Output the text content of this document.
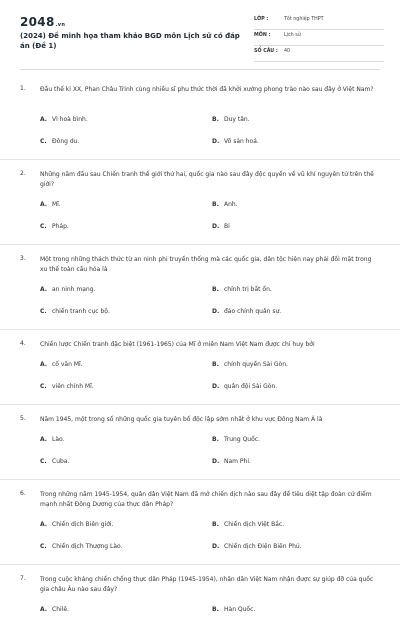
2048.vn
(2024) Đề minh họa tham khảo BGD môn Lịch sử có đáp án (Đề 1)
LỚP :	Tốt nghiệp THPT
MÔN :	Lịch sử
SỐ CÂU : 40
1. Đầu thế kỉ XX, Phan Châu Trinh cùng nhiều sĩ phu thức thời đã khởi xướng phong trào nào sau đây ở Việt Nam?
A. Vì hoà bình.	B. Duy tân.
C. Đông du.	D. Võ sản hoá.
2. Những năm đầu sau Chiến tranh thế giới thứ hai, quốc gia nào sau đây độc quyền về vũ khí nguyên tử trên thế giới?
A. Mĩ.	B. Anh.
C. Pháp.	D. Bỉ
3. Một trong những thách thức từ an ninh phi truyền thống mà các quốc gia, dân tộc hiện nay phải đối mặt trong xu thế toàn cầu hóa là
A. an ninh mạng.	B. chính trị bất ổn.
C. chiến tranh cục bộ.	D. đảo chính quân sự.
4. Chiến lược Chiến tranh đặc biệt (1961-1965) của Mĩ ở miền Nam Việt Nam được chỉ huy bởi
A. cố vấn Mĩ.	B. chính quyền Sài Gòn.
C. viên chính Mĩ.	D. quân đội Sài Gòn.
5. Năm 1945, một trong số những quốc gia tuyên bố độc lập sớm nhất ở khu vực Đông Nam Á là
A. Lào.	B. Trung Quốc.
C. Cuba.	D. Nam Phi.
6. Trong những năm 1945-1954, quân dân Việt Nam đã mở chiến dịch nào sau đây để tiêu diệt tập đoàn cứ điểm mạnh nhất Đông Dương của thực dân Pháp?
A. Chiến dịch Biên giới.	B. Chiến dịch Việt Bắc.
C. Chiến dịch Thượng Lào.	D. Chiến dịch Điện Biên Phủ.
7. Trong cuộc kháng chiến chống thực dân Pháp (1945-1954), nhân dân Việt Nam nhận được sự giúp đỡ của quốc gia châu Âu nào sau đây?
A. Chilê.	B. Hàn Quốc.
